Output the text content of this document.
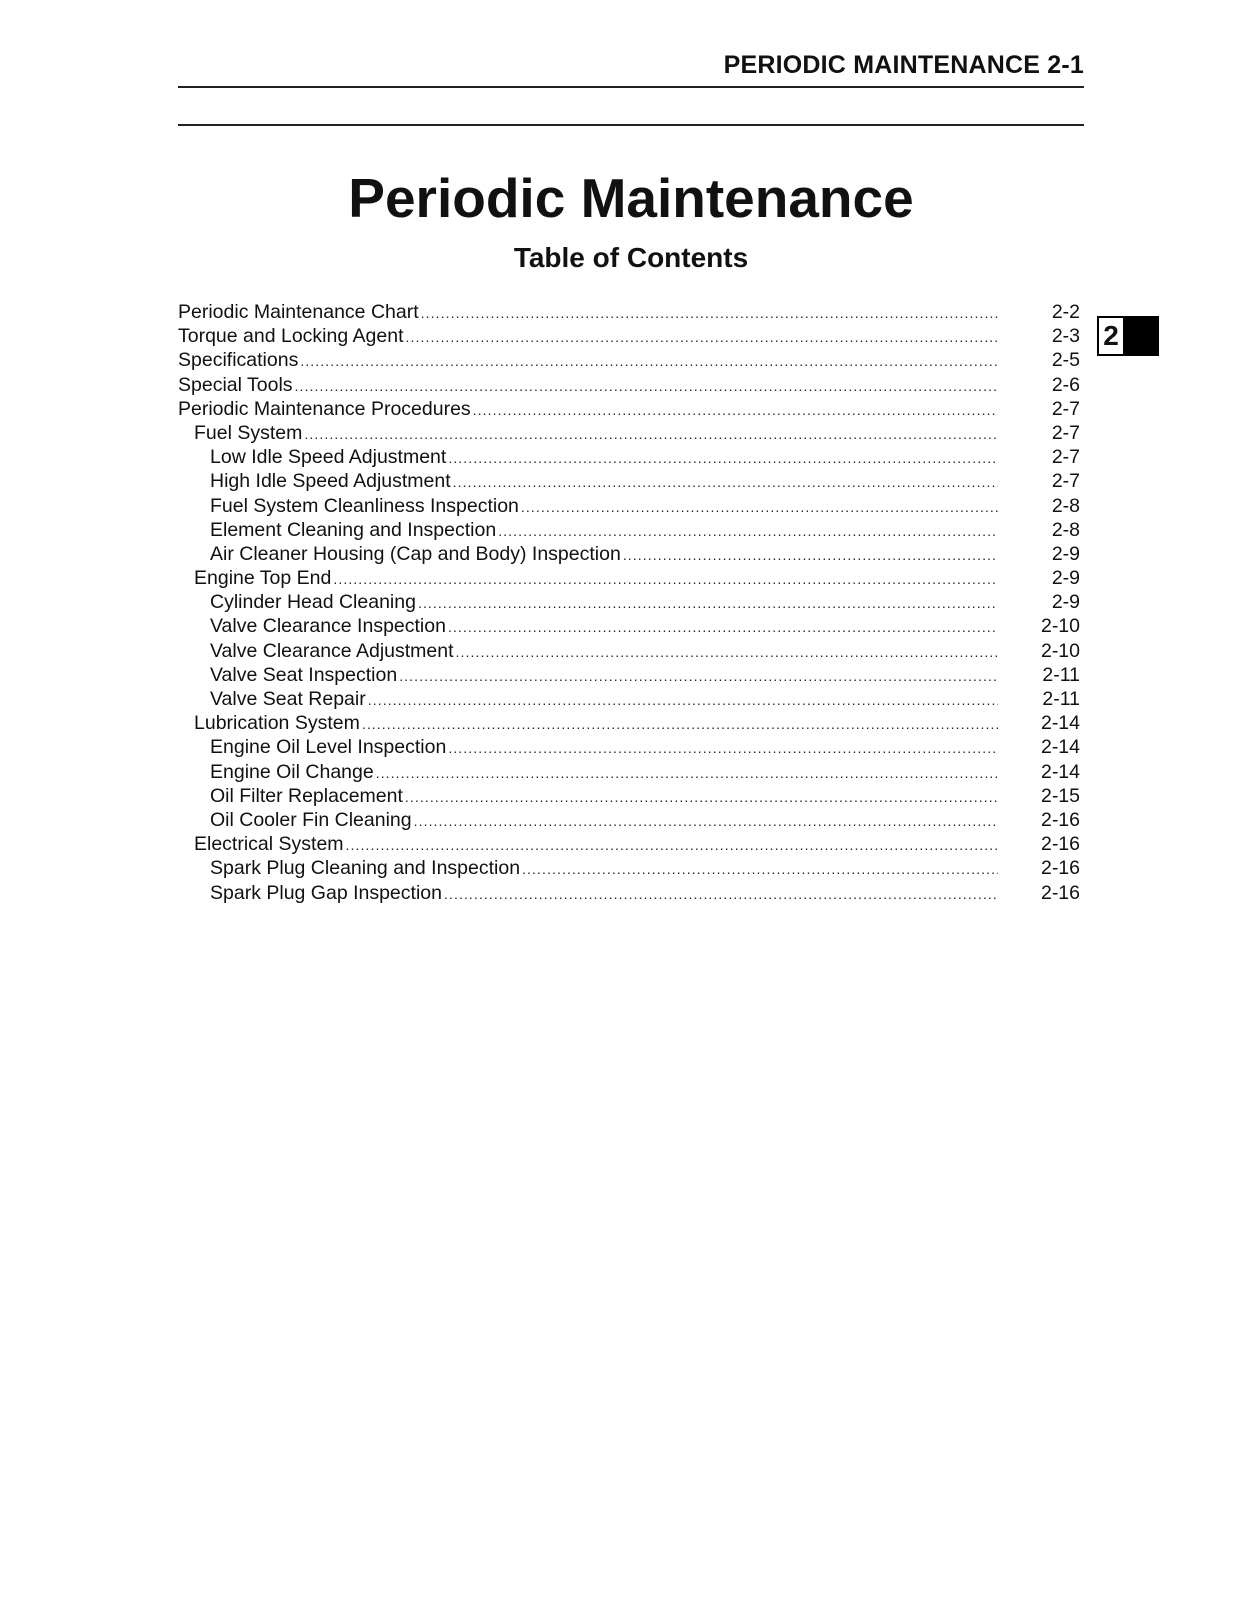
PERIODIC MAINTENANCE 2-1
Periodic Maintenance
Table of Contents
2
Periodic Maintenance Chart .....	2-2
Torque and Locking Agent .....	2-3
Specifications .....	2-5
Special Tools .....	2-6
Periodic Maintenance Procedures .....	2-7
Fuel System .....	2-7
Low Idle Speed Adjustment .....	2-7
High Idle Speed Adjustment .....	2-7
Fuel System Cleanliness Inspection .....	2-8
Element Cleaning and Inspection .....	2-8
Air Cleaner Housing (Cap and Body) Inspection .....	2-9
Engine Top End .....	2-9
Cylinder Head Cleaning .....	2-9
Valve Clearance Inspection .....	2-10
Valve Clearance Adjustment .....	2-10
Valve Seat Inspection .....	2-11
Valve Seat Repair .....	2-11
Lubrication System .....	2-14
Engine Oil Level Inspection .....	2-14
Engine Oil Change .....	2-14
Oil Filter Replacement .....	2-15
Oil Cooler Fin Cleaning .....	2-16
Electrical System .....	2-16
Spark Plug Cleaning and Inspection .....	2-16
Spark Plug Gap Inspection .....	2-16
